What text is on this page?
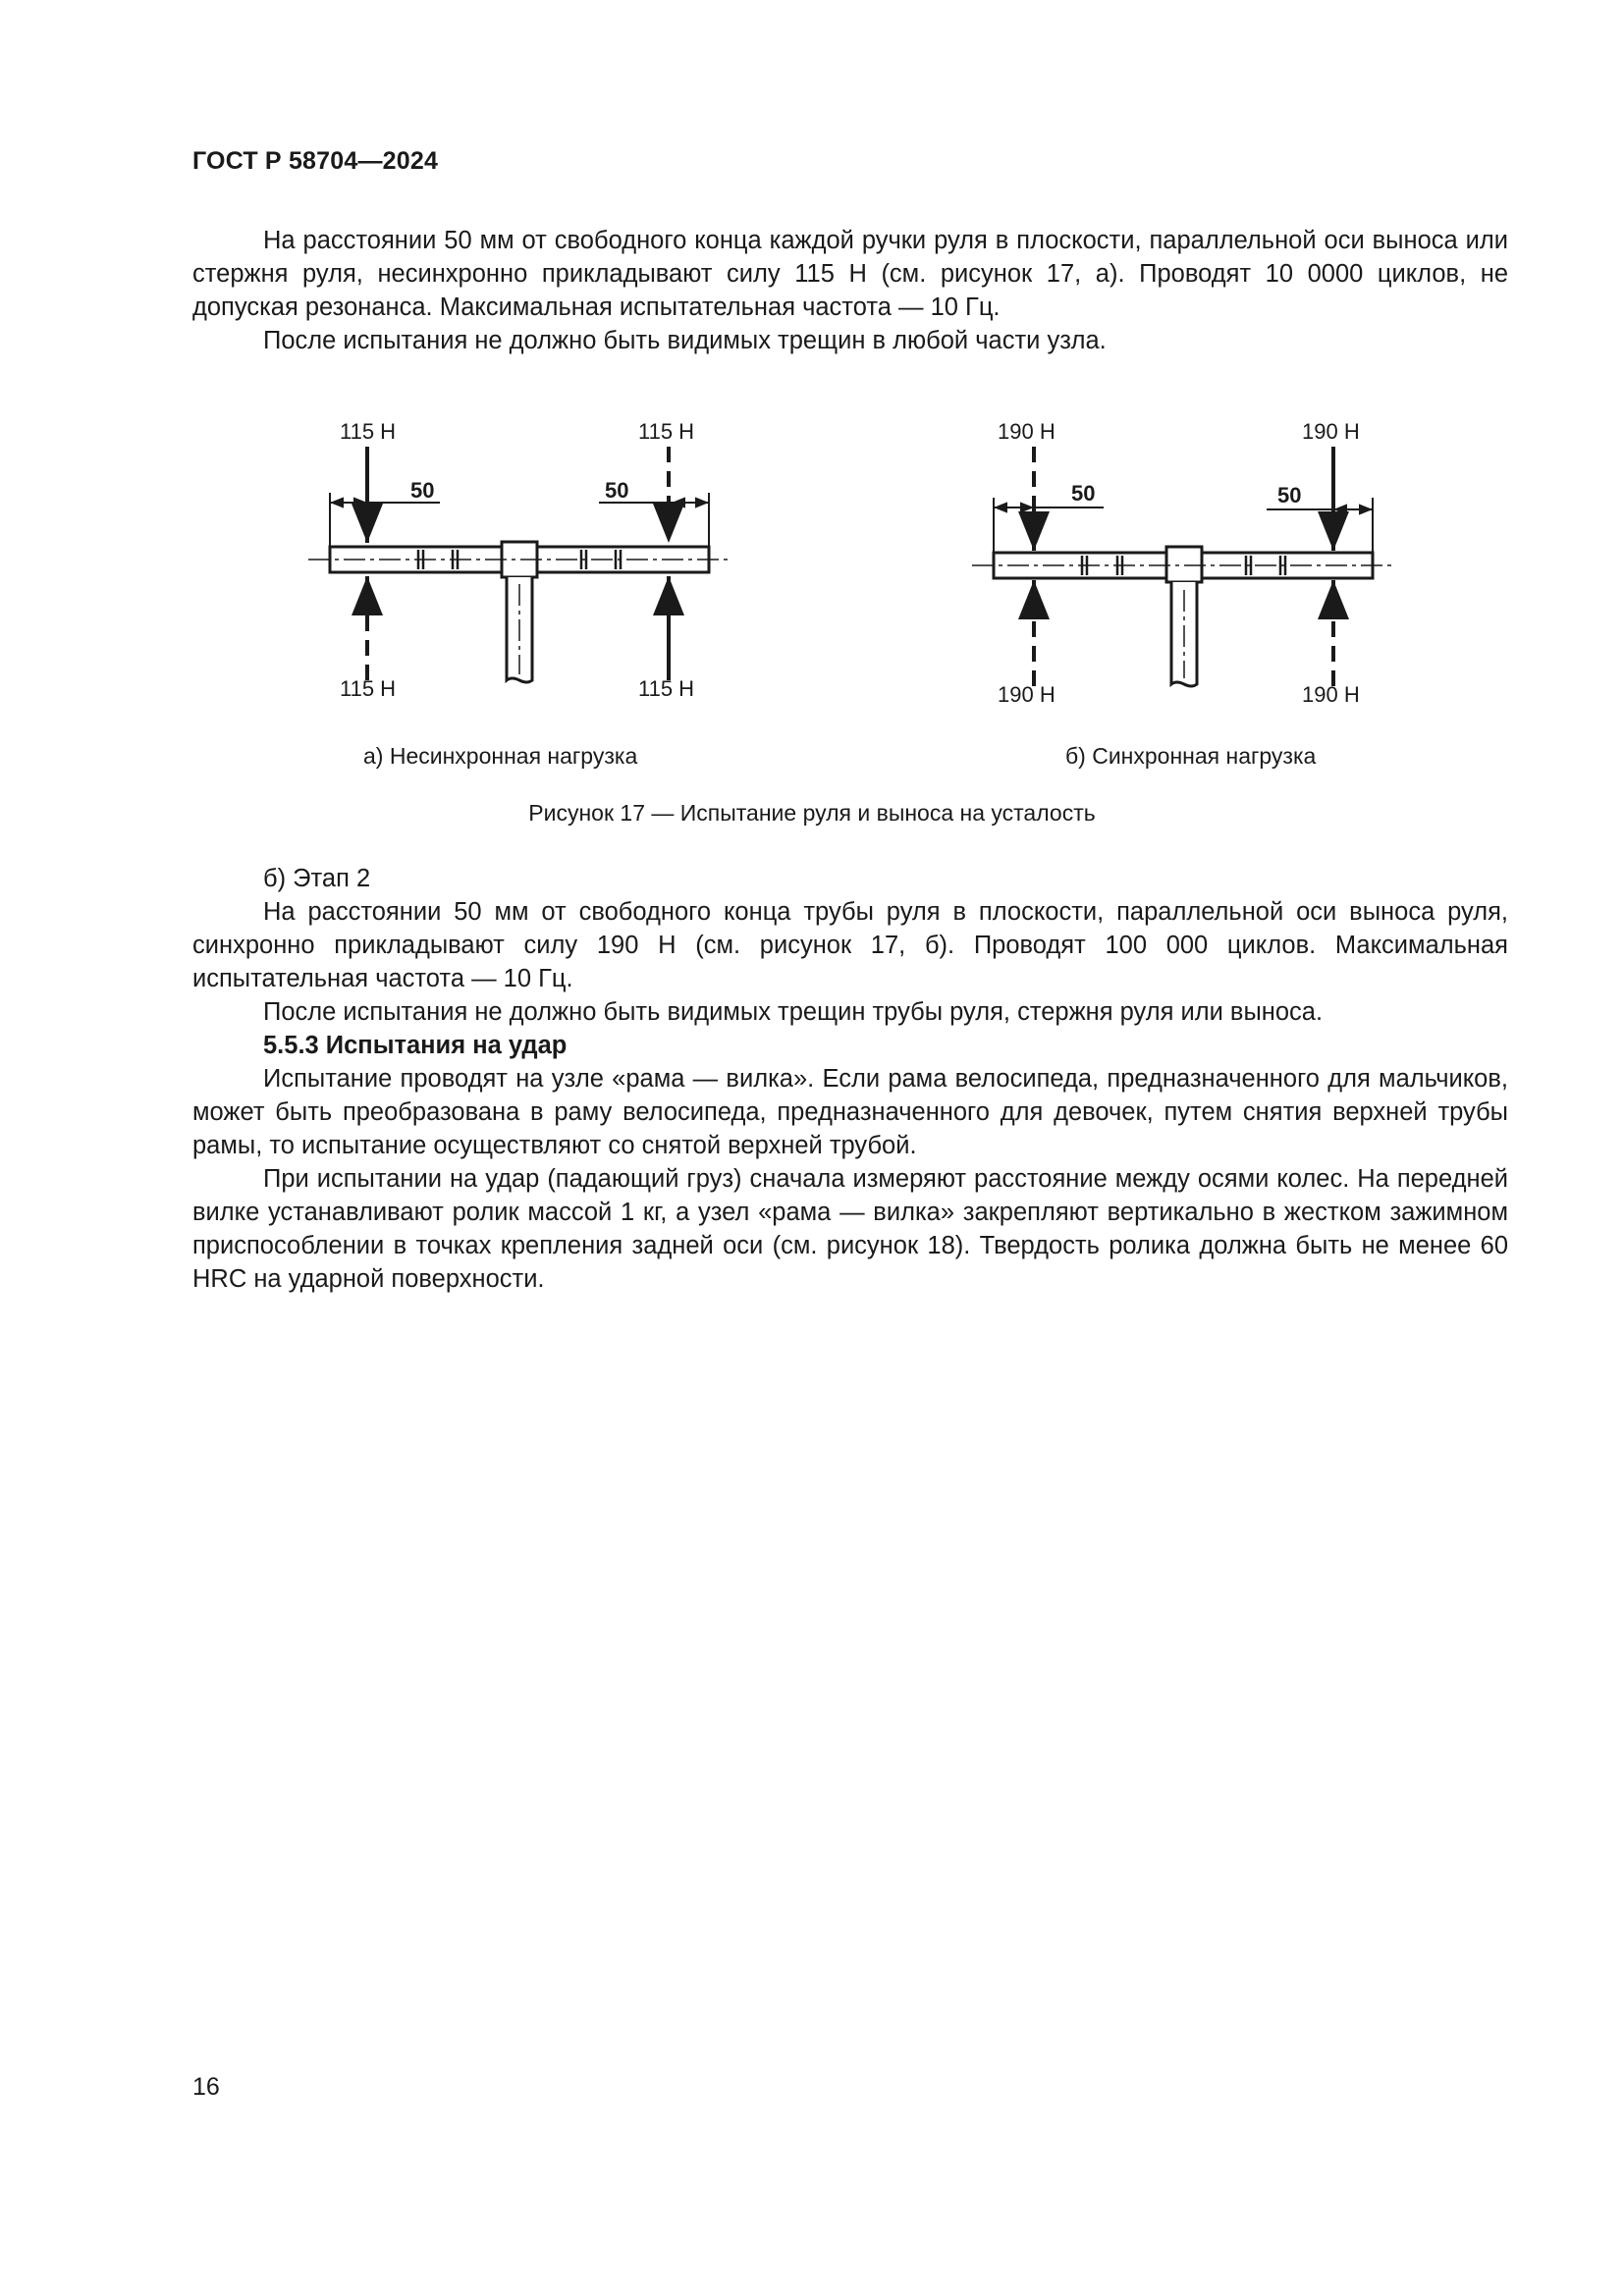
ГОСТ Р 58704—2024

На расстоянии 50 мм от свободного конца каждой ручки руля в плоскости, параллельной оси выноса или стержня руля, несинхронно прикладывают силу 115 Н (см. рисунок 17, а). Проводят 10 0000 циклов, не допуская резонанса. Максимальная испытательная частота — 10 Гц.

После испытания не должно быть видимых трещин в любой части узла.

115 Н	115 Н
115 Н	115 Н
50	50
190 Н	190 Н
190 Н	190 Н
50	50
а) Несинхронная нагрузка	б) Синхронная нагрузка
Рисунок 17 — Испытание руля и выноса на усталость

б) Этап 2

На расстоянии 50 мм от свободного конца трубы руля в плоскости, параллельной оси выноса руля, синхронно прикладывают силу 190 Н (см. рисунок 17, б). Проводят 100 000 циклов. Максимальная испытательная частота — 10 Гц.

После испытания не должно быть видимых трещин трубы руля, стержня руля или выноса.

5.5.3 Испытания на удар

Испытание проводят на узле «рама — вилка». Если рама велосипеда, предназначенного для мальчиков, может быть преобразована в раму велосипеда, предназначенного для девочек, путем снятия верхней трубы рамы, то испытание осуществляют со снятой верхней трубой.

При испытании на удар (падающий груз) сначала измеряют расстояние между осями колес. На передней вилке устанавливают ролик массой 1 кг, а узел «рама — вилка» закрепляют вертикально в жестком зажимном приспособлении в точках крепления задней оси (см. рисунок 18). Твердость ролика должна быть не менее 60 HRC на ударной поверхности.

16
